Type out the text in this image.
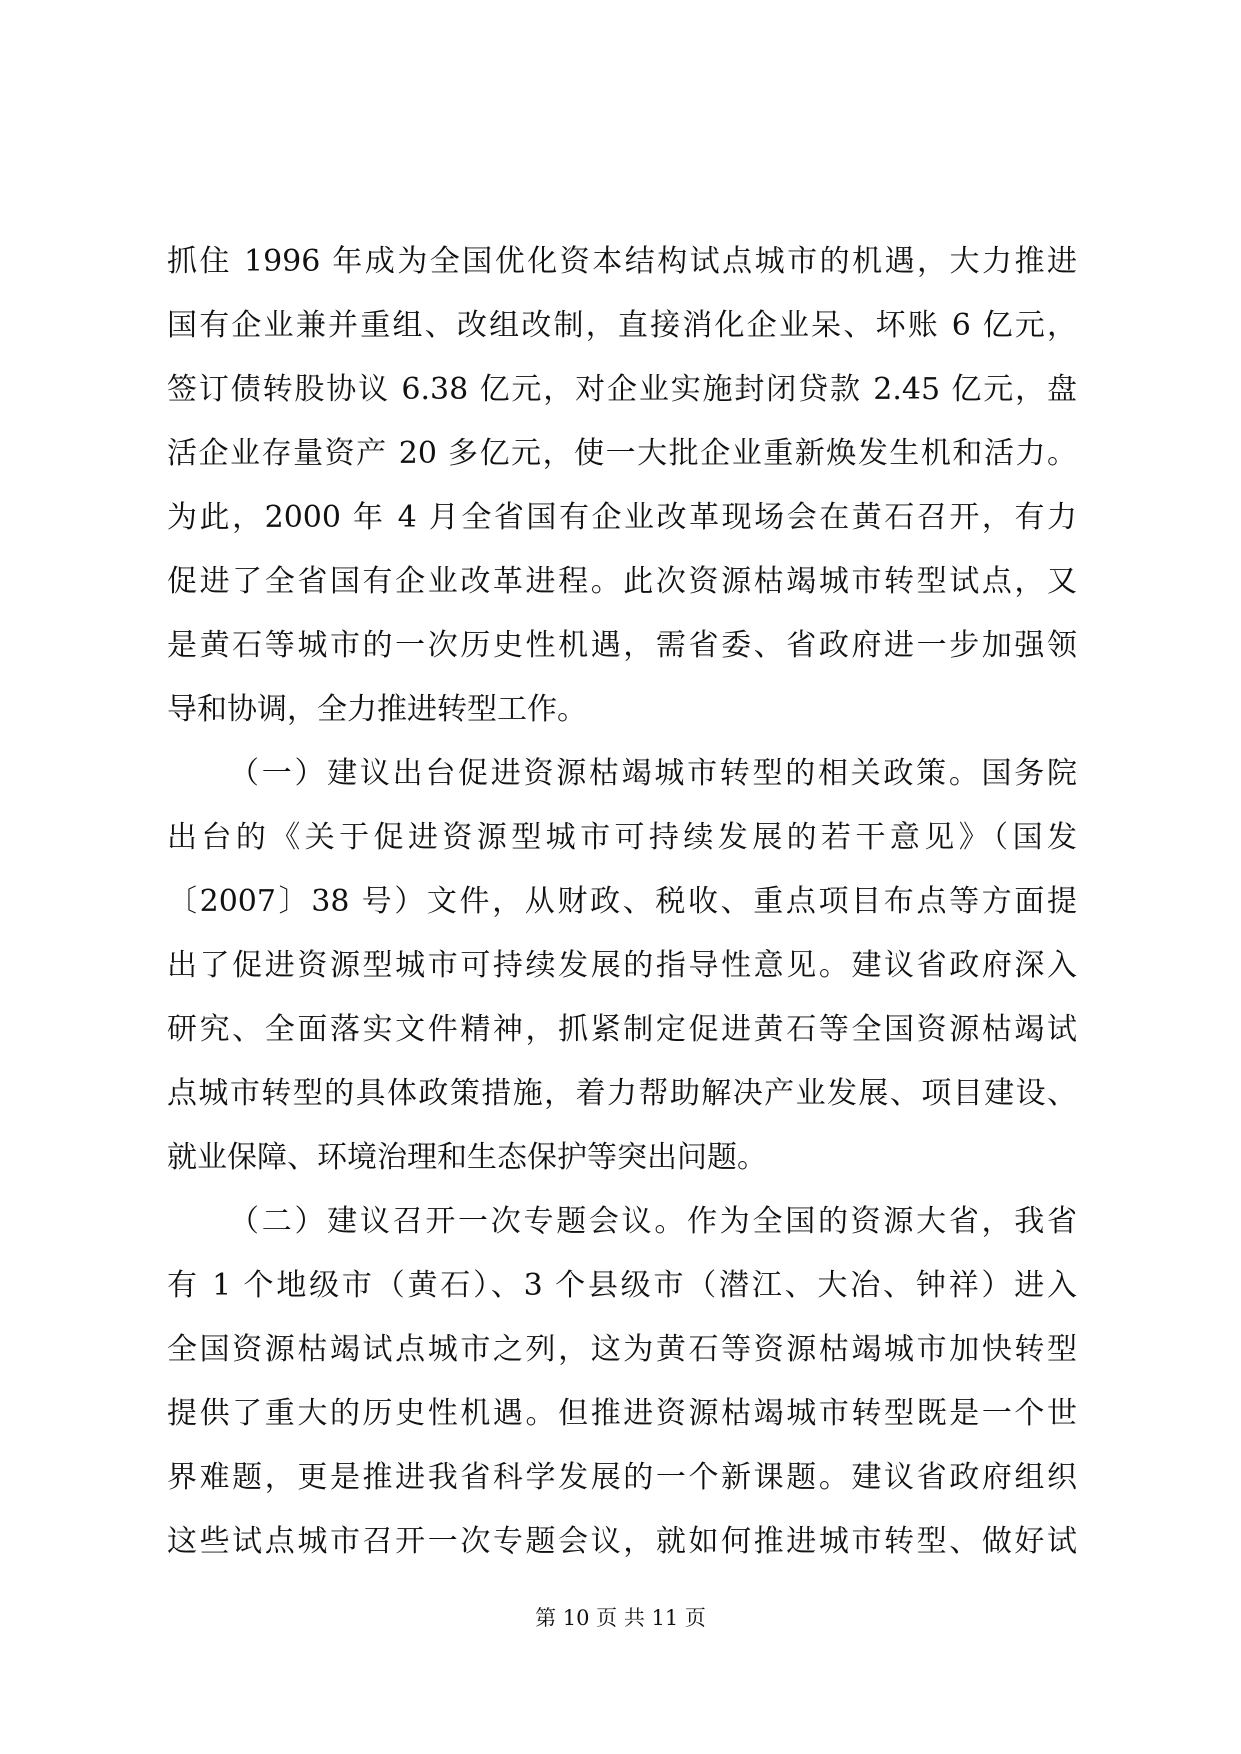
抓住 1996 年成为全国优化资本结构试点城市的机遇，大力推进
国有企业兼并重组、改组改制，直接消化企业呆、坏账 6 亿元，
签订债转股协议 6.38 亿元，对企业实施封闭贷款 2.45 亿元，盘
活企业存量资产 20 多亿元，使一大批企业重新焕发生机和活力。
为此，2000 年 4 月全省国有企业改革现场会在黄石召开，有力
促进了全省国有企业改革进程。此次资源枯竭城市转型试点，又
是黄石等城市的一次历史性机遇，需省委、省政府进一步加强领
导和协调，全力推进转型工作。
（一）建议出台促进资源枯竭城市转型的相关政策。国务院
出台的《关于促进资源型城市可持续发展的若干意见》（国发
〔2007〕38 号）文件，从财政、税收、重点项目布点等方面提
出了促进资源型城市可持续发展的指导性意见。建议省政府深入
研究、全面落实文件精神，抓紧制定促进黄石等全国资源枯竭试
点城市转型的具体政策措施，着力帮助解决产业发展、项目建设、
就业保障、环境治理和生态保护等突出问题。
（二）建议召开一次专题会议。作为全国的资源大省，我省
有 1 个地级市（黄石）、3 个县级市（潜江、大冶、钟祥）进入
全国资源枯竭试点城市之列，这为黄石等资源枯竭城市加快转型
提供了重大的历史性机遇。但推进资源枯竭城市转型既是一个世
界难题，更是推进我省科学发展的一个新课题。建议省政府组织
这些试点城市召开一次专题会议，就如何推进城市转型、做好试
第 10 页 共 11 页
